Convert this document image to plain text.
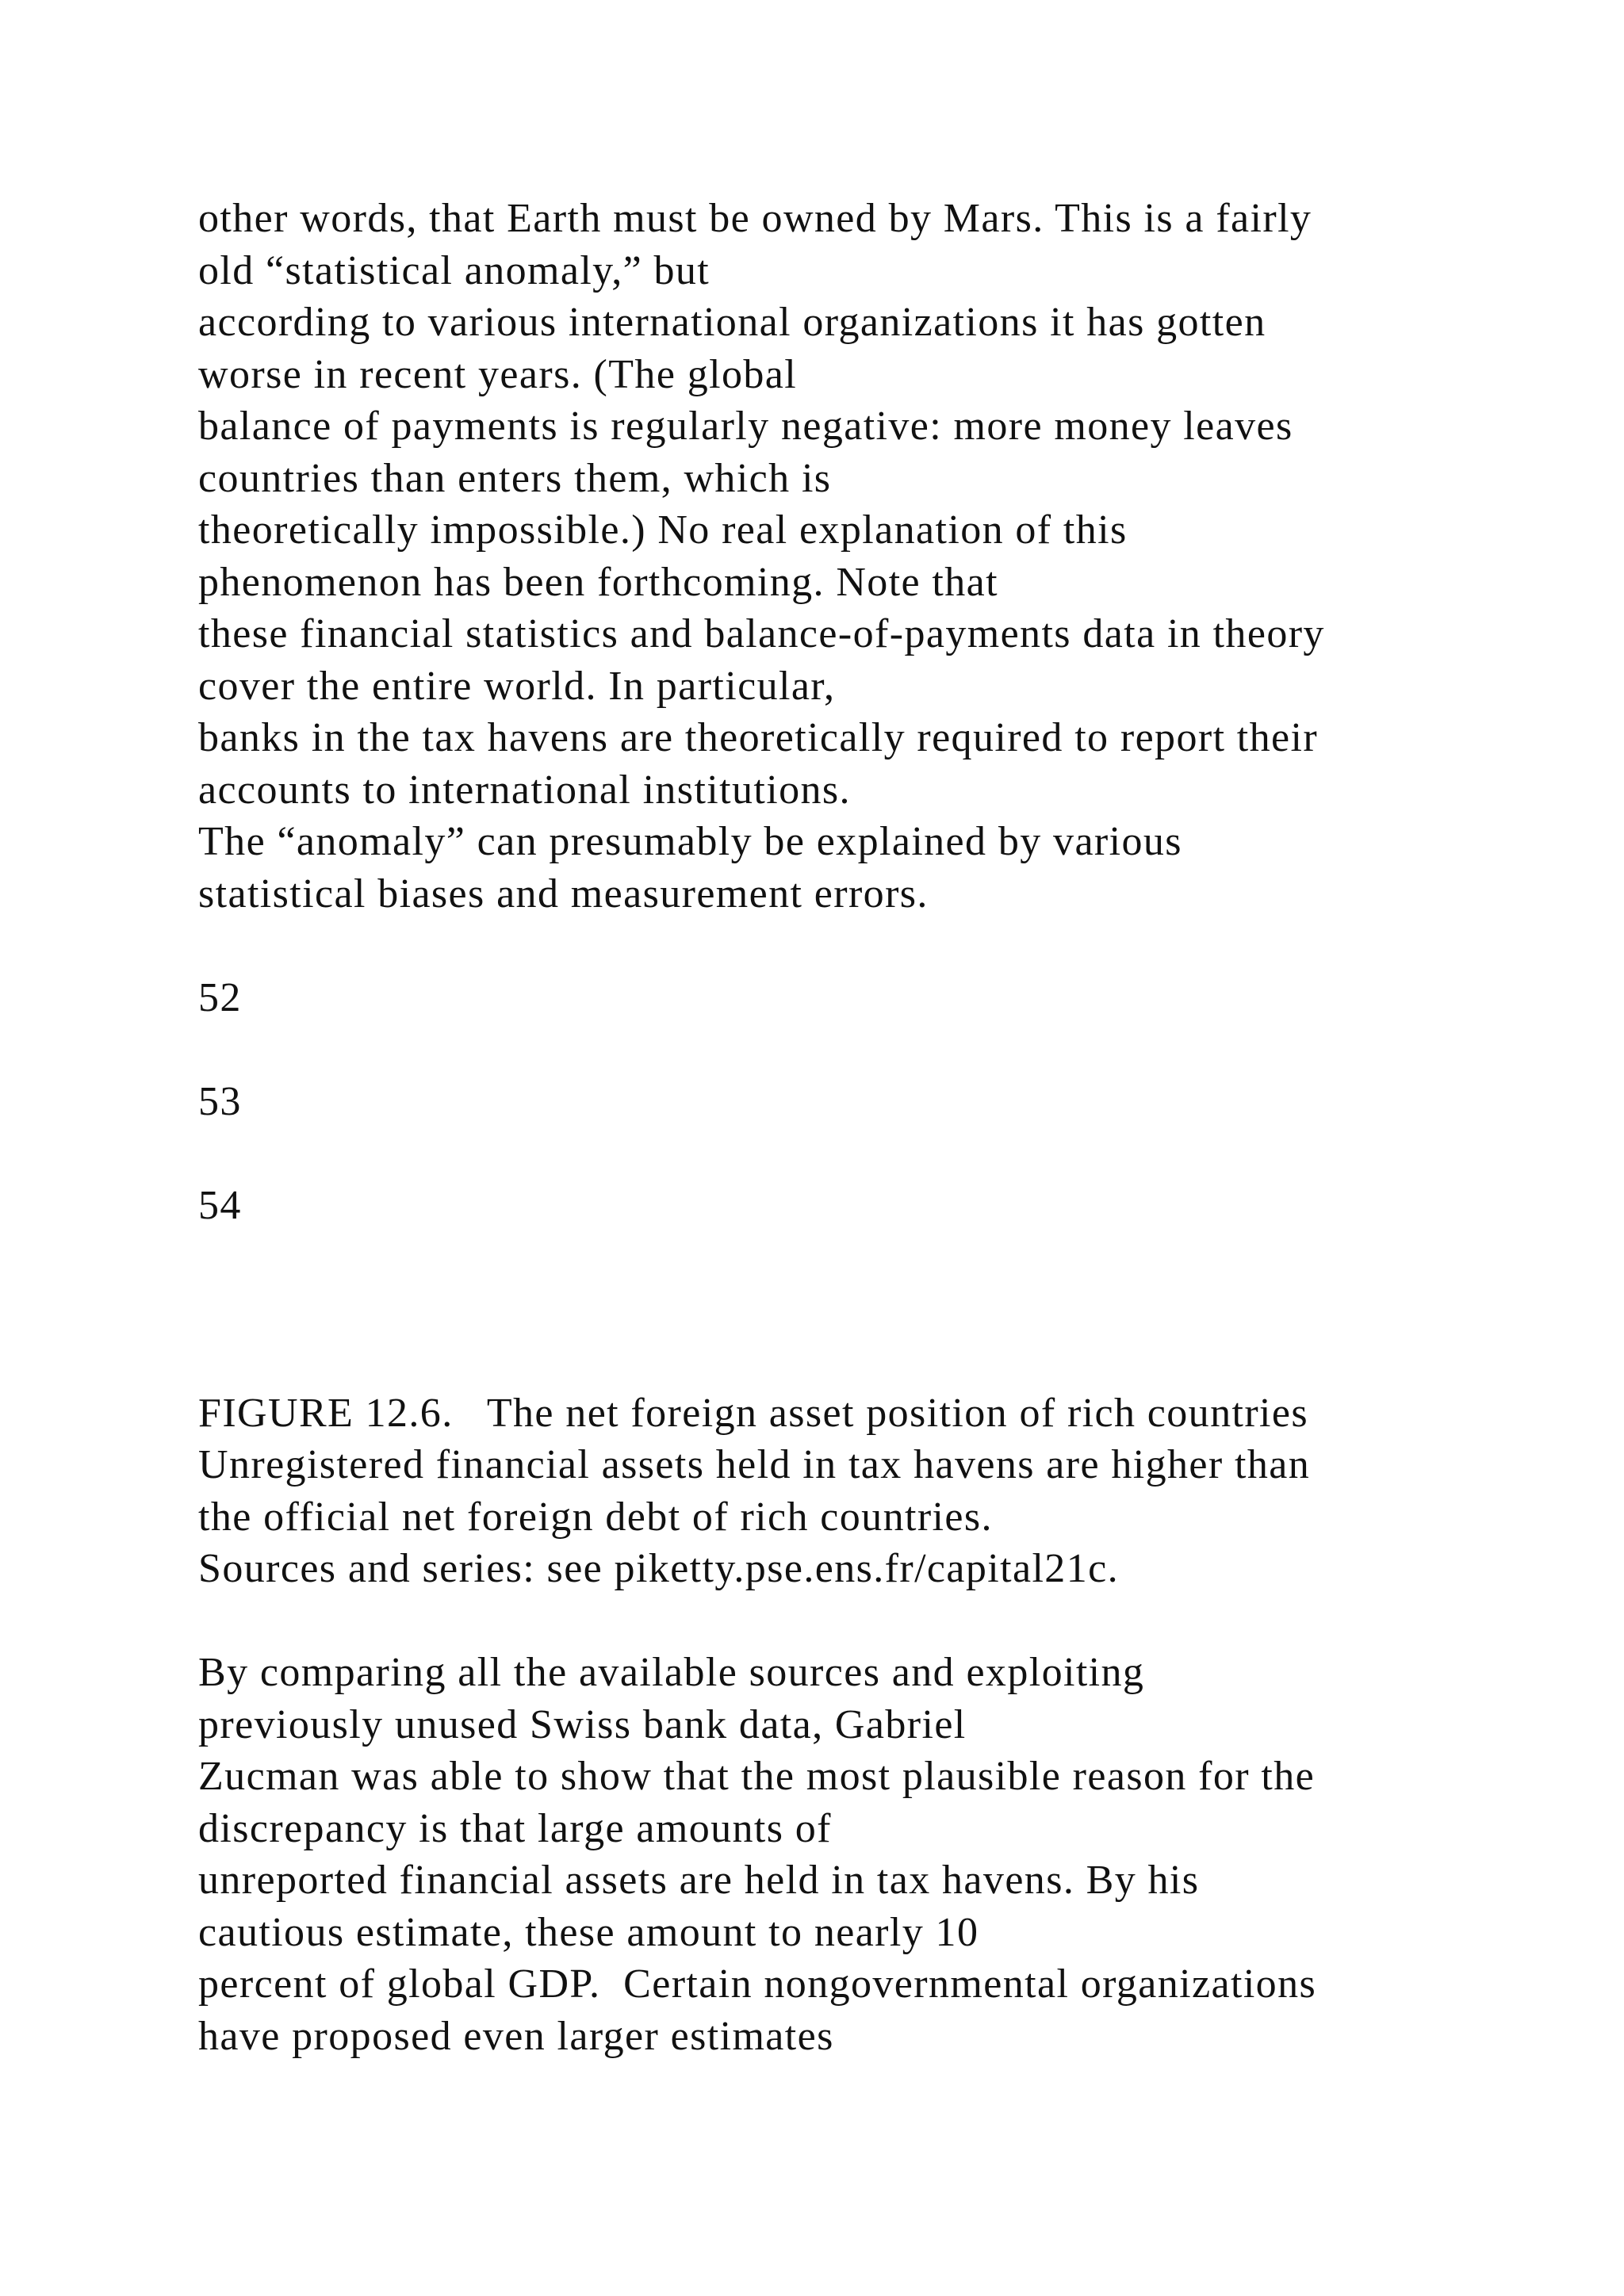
other words, that Earth must be owned by Mars. This is a fairly
old “statistical anomaly,” but
according to various international organizations it has gotten
worse in recent years. (The global
balance of payments is regularly negative: more money leaves
countries than enters them, which is
theoretically impossible.) No real explanation of this
phenomenon has been forthcoming. Note that
these financial statistics and balance-of-payments data in theory
cover the entire world. In particular,
banks in the tax havens are theoretically required to report their
accounts to international institutions.
The “anomaly” can presumably be explained by various
statistical biases and measurement errors.
52
53
54
FIGURE 12.6.   The net foreign asset position of rich countries
Unregistered financial assets held in tax havens are higher than
the official net foreign debt of rich countries.
Sources and series: see piketty.pse.ens.fr/capital21c.
By comparing all the available sources and exploiting
previously unused Swiss bank data, Gabriel
Zucman was able to show that the most plausible reason for the
discrepancy is that large amounts of
unreported financial assets are held in tax havens. By his
cautious estimate, these amount to nearly 10
percent of global GDP.  Certain nongovernmental organizations
have proposed even larger estimates
